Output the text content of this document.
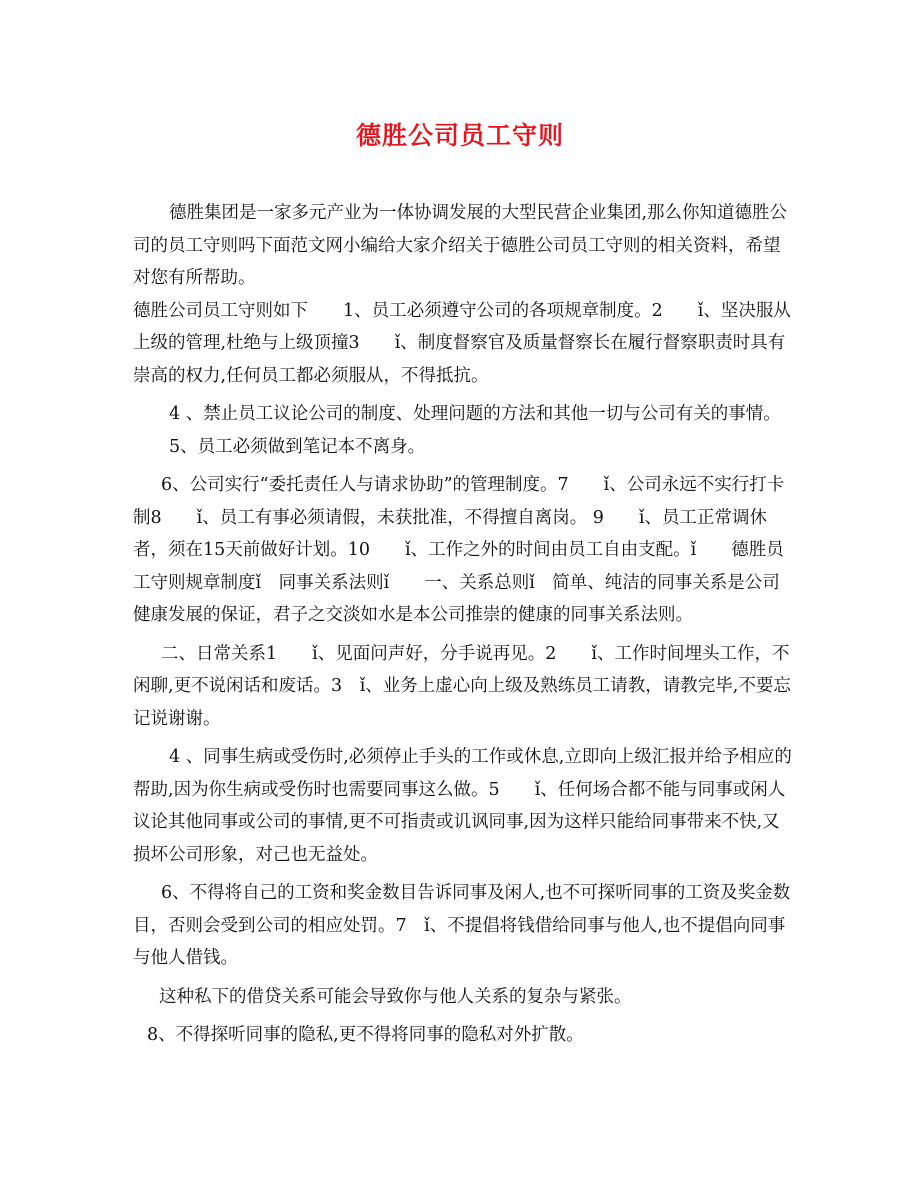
德胜公司员工守则

德胜集团是一家多元产业为一体协调发展的大型民营企业集团,那么你知道德胜公司的员工守则吗下面范文网小编给大家介绍关于德胜公司员工守则的相关资料，希望对您有所帮助。

德胜公司员工守则如下　　1、员工必须遵守公司的各项规章制度。2　　ǐ、坚决服从上级的管理,杜绝与上级顶撞3　　ǐ、制度督察官及质量督察长在履行督察职责时具有崇高的权力,任何员工都必须服从，不得抵抗。

4 、禁止员工议论公司的制度、处理问题的方法和其他一切与公司有关的事情。

5、员工必须做到笔记本不离身。

6、公司实行“委托责任人与请求协助”的管理制度。7　　ǐ、公司永远不实行打卡制8　　ǐ、员工有事必须请假，未获批准，不得擅自离岗。 9　　ǐ、员工正常调休者，须在15天前做好计划。10　　ǐ、工作之外的时间由员工自由支配。ǐ　　德胜员工守则规章制度ǐ　同事关系法则ǐ　　一、关系总则ǐ　简单、纯洁的同事关系是公司健康发展的保证，君子之交淡如水是本公司推崇的健康的同事关系法则。

二、日常关系1　　ǐ、见面问声好，分手说再见。2　　ǐ、工作时间埋头工作，不闲聊,更不说闲话和废话。3　ǐ、业务上虚心向上级及熟练员工请教，请教完毕,不要忘记说谢谢。

4 、同事生病或受伤时,必须停止手头的工作或休息,立即向上级汇报并给予相应的帮助,因为你生病或受伤时也需要同事这么做。5　　ǐ、任何场合都不能与同事或闲人议论其他同事或公司的事情,更不可指责或讥讽同事,因为这样只能给同事带来不快,又损坏公司形象，对己也无益处。

6、不得将自己的工资和奖金数目告诉同事及闲人,也不可探听同事的工资及奖金数目，否则会受到公司的相应处罚。7　ǐ、不提倡将钱借给同事与他人,也不提倡向同事与他人借钱。

这种私下的借贷关系可能会导致你与他人关系的复杂与紧张。

8、不得探听同事的隐私,更不得将同事的隐私对外扩散。
